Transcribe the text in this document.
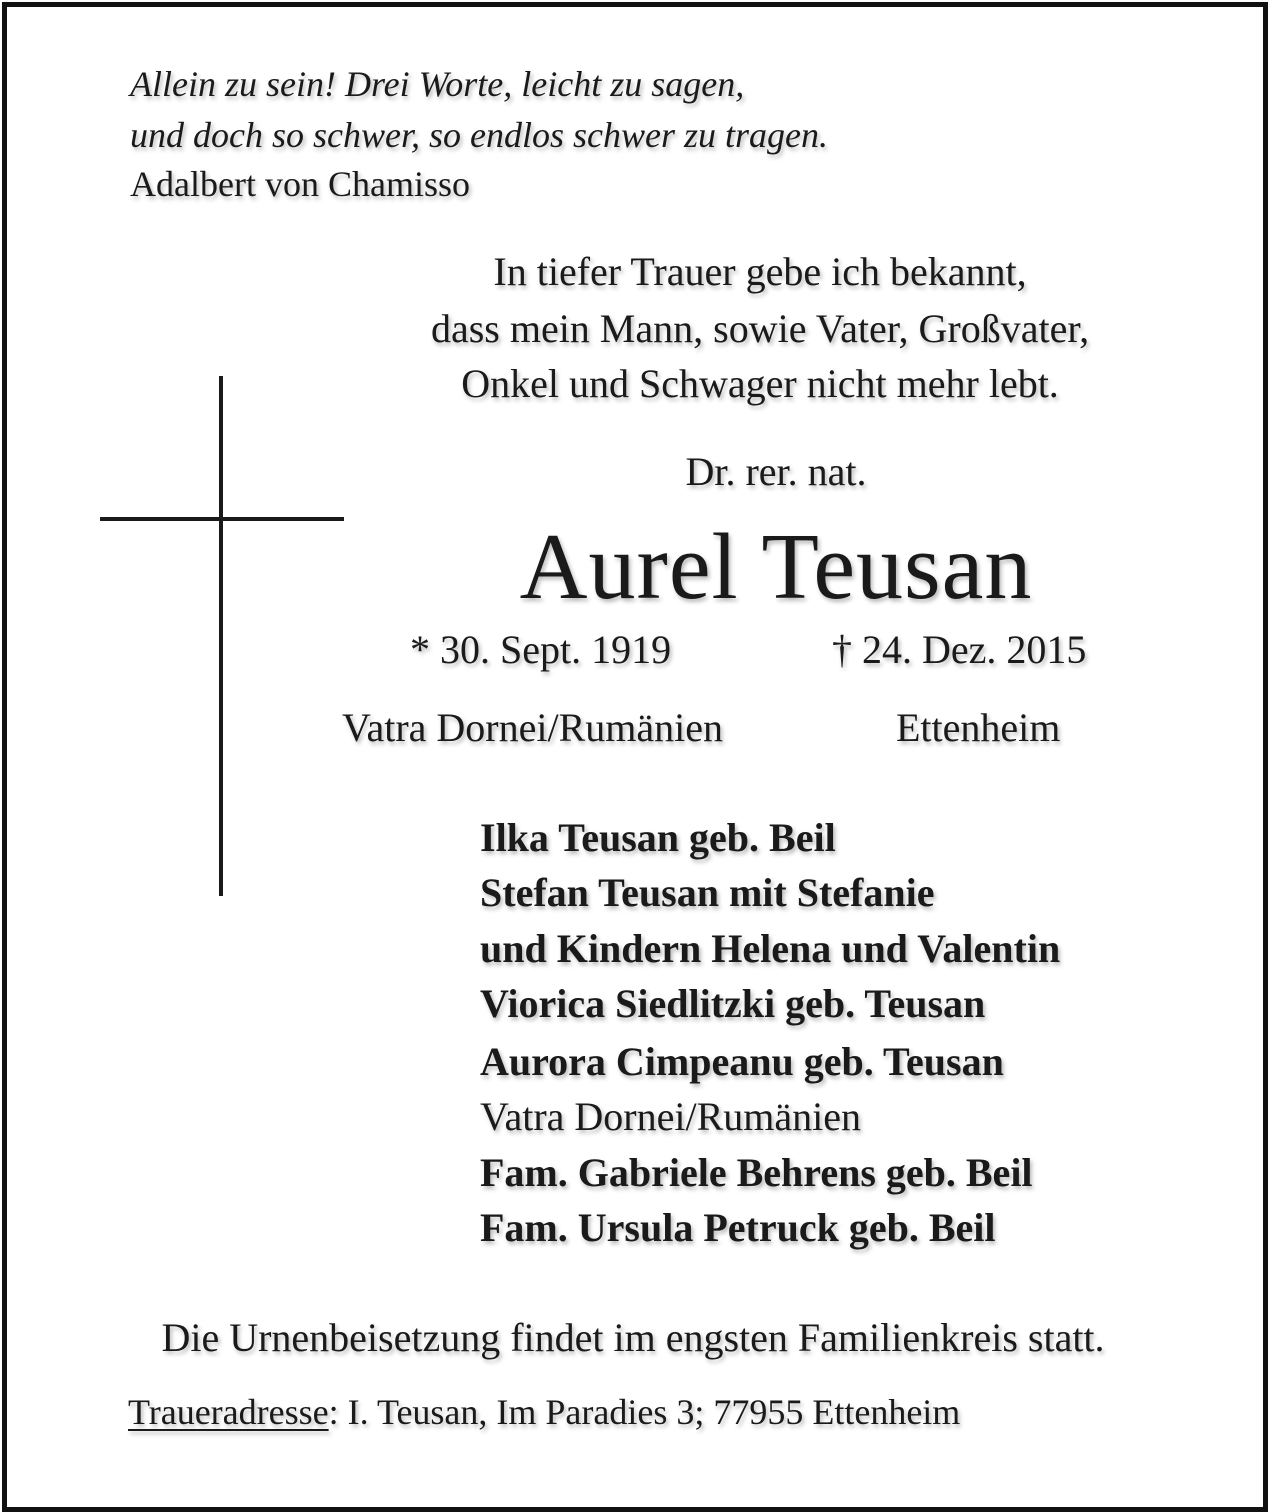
Allein zu sein! Drei Worte, leicht zu sagen,

und doch so schwer, so endlos schwer zu tragen.

Adalbert von Chamisso

In tiefer Trauer gebe ich bekannt,

dass mein Mann, sowie Vater, Großvater,

Onkel und Schwager nicht mehr lebt.

Dr. rer. nat.

Aurel Teusan

* 30. Sept. 1919	† 24. Dez. 2015

Vatra Dornei/Rumänien	Ettenheim

Ilka Teusan geb. Beil

Stefan Teusan mit Stefanie

und Kindern Helena und Valentin

Viorica Siedlitzki geb. Teusan

Aurora Cimpeanu geb. Teusan

Vatra Dornei/Rumänien

Fam. Gabriele Behrens geb. Beil

Fam. Ursula Petruck geb. Beil

Die Urnenbeisetzung findet im engsten Familienkreis statt.

Traueradresse: I. Teusan, Im Paradies 3; 77955 Ettenheim
